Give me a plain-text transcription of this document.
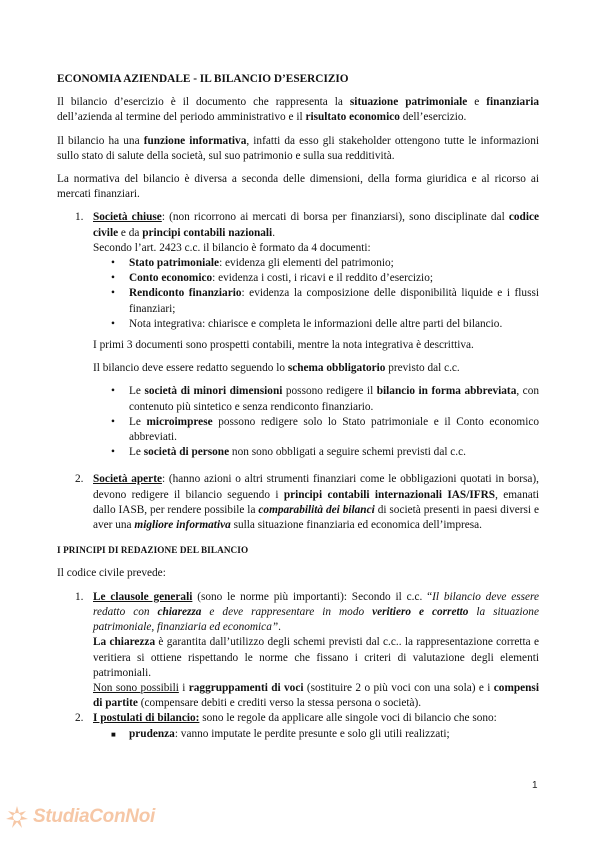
ECONOMIA AZIENDALE - IL BILANCIO D’ESERCIZIO

Il bilancio d’esercizio è il documento che rappresenta la situazione patrimoniale e finanziaria dell’azienda al termine del periodo amministrativo e il risultato economico dell’esercizio.

Il bilancio ha una funzione informativa, infatti da esso gli stakeholder ottengono tutte le informazioni sullo stato di salute della società, sul suo patrimonio e sulla sua redditività.

La normativa del bilancio è diversa a seconda delle dimensioni, della forma giuridica e al ricorso ai mercati finanziari.

1. Società chiuse: (non ricorrono ai mercati di borsa per finanziarsi), sono disciplinate dal codice civile e da principi contabili nazionali.
Secondo l’art. 2423 c.c. il bilancio è formato da 4 documenti:
• Stato patrimoniale: evidenza gli elementi del patrimonio;
• Conto economico: evidenza i costi, i ricavi e il reddito d’esercizio;
• Rendiconto finanziario: evidenza la composizione delle disponibilità liquide e i flussi finanziari;
• Nota integrativa: chiarisce e completa le informazioni delle altre parti del bilancio.

I primi 3 documenti sono prospetti contabili, mentre la nota integrativa è descrittiva.

Il bilancio deve essere redatto seguendo lo schema obbligatorio previsto dal c.c.

• Le società di minori dimensioni possono redigere il bilancio in forma abbreviata, con contenuto più sintetico e senza rendiconto finanziario.
• Le microimprese possono redigere solo lo Stato patrimoniale e il Conto economico abbreviati.
• Le società di persone non sono obbligati a seguire schemi previsti dal c.c.
2. Società aperte: (hanno azioni o altri strumenti finanziari come le obbligazioni quotati in borsa), devono redigere il bilancio seguendo i principi contabili internazionali IAS/IFRS, emanati dallo IASB, per rendere possibile la comparabilità dei bilanci di società presenti in paesi diversi e aver una migliore informativa sulla situazione finanziaria ed economica dell’impresa.
I PRINCIPI DI REDAZIONE DEL BILANCIO

Il codice civile prevede:

1. Le clausole generali (sono le norme più importanti): Secondo il c.c. “Il bilancio deve essere redatto con chiarezza e deve rappresentare in modo veritiero e corretto la situazione patrimoniale, finanziaria ed economica”.
La chiarezza è garantita dall’utilizzo degli schemi previsti dal c.c.. la rappresentazione corretta e veritiera si ottiene rispettando le norme che fissano i criteri di valutazione degli elementi patrimoniali.
Non sono possibili i raggruppamenti di voci (sostituire 2 o più voci con una sola) e i compensi di partite (compensare debiti e crediti verso la stessa persona o società).
2. I postulati di bilancio: sono le regole da applicare alle singole voci di bilancio che sono:
■ prudenza: vanno imputate le perdite presunte e solo gli utili realizzati;
1
StudiaConNoi
